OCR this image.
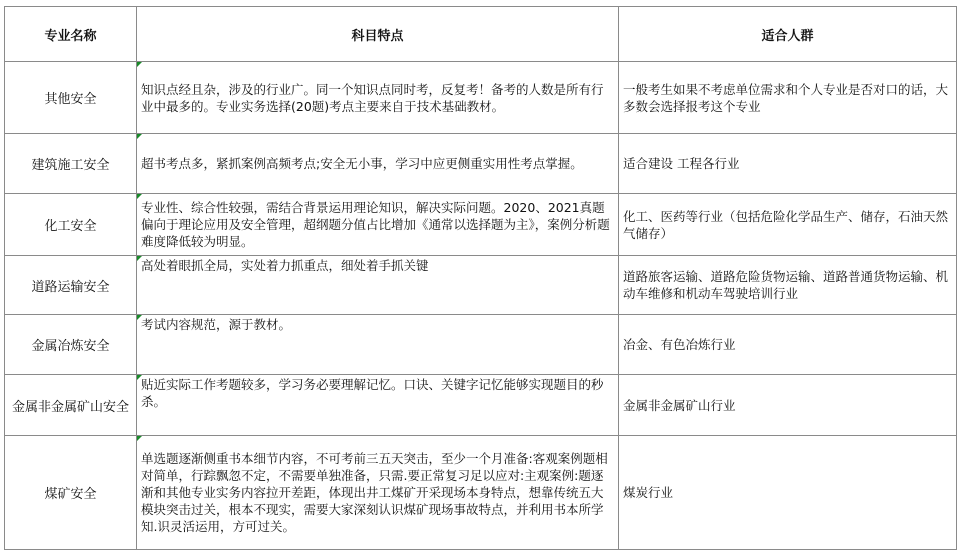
专业名称	科目特点	适合人群
其他安全	知识点经且杂，涉及的行业广。同一个知识点同时考，反复考！备考的人数是所有行业中最多的。专业实务选择(20题)考点主要来自于技术基础教材。	一般考生如果不考虑单位需求和个人专业是否对口的话，大多数会选择报考这个专业

建筑施工安全	超书考点多，紧抓案例高频考点;安全无小事，学习中应更侧重实用性考点掌握。	适合建设 工程各行业

化工安全	专业性、综合性较强，需结合背景运用理论知识，解决实际问题。2020、2021真题偏向于理论应用及安全管理，超纲题分值占比增加《通常以选择题为主》，案例分析题难度降低较为明显。	化工、医药等行业（包括危险化学品生产、储存，石油天然气储存）

道路运输安全	高处着眼抓全局，实处着力抓重点，细处着手抓关键	道路旅客运输、道路危险货物运输、道路普通货物运输、机动车维修和机动车驾驶培训行业

金属冶炼安全	考试内容规范，源于教材。	冶金、有色冶炼行业

金属非金属矿山安全	贴近实际工作考题较多，学习务必要理解记忆。口诀、关键字记忆能够实现题目的秒杀。	金属非金属矿山行业

煤矿安全	单选题逐渐侧重书本细节内容，不可考前三五天突击，至少一个月准备:客观案例题相对简单，行踪飘忽不定，不需要单独准备，只需.要正常复习足以应对:主观案例:题逐渐和其他专业实务内容拉开差距，体现出井工煤矿开采现场本身特点，想靠传统五大模块突击过关，根本不现实，需要大家深刻认识煤矿现场事故特点，并利用书本所学知.识灵活运用，方可过关。	煤炭行业
